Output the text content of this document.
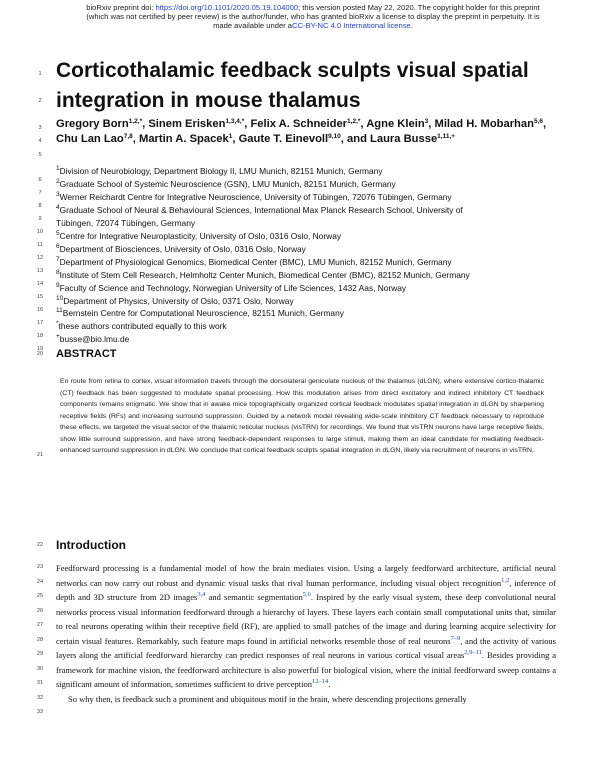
bioRxiv preprint doi: https://doi.org/10.1101/2020.05.19.104000; this version posted May 22, 2020. The copyright holder for this preprint (which was not certified by peer review) is the author/funder, who has granted bioRxiv a license to display the preprint in perpetuity. It is made available under aCC-BY-NC 4.0 International license.
1
2
3
4
5
6
7
8
9
10
11
12
13
14
15
16
17
18
19
20
21
22
23
24
25
26
27
28
29
30
31
32
33
Corticothalamic feedback sculpts visual spatial integration in mouse thalamus
Gregory Born$^{1,2,*}$, Sinem Erisken$^{1,3,4,*}$, Felix A. Schneider$^{1,2,*}$, Agne Klein$^3$, Milad H. Mobarhan$^{5,6}$, Chu Lan Lao$^{7,8}$, Martin A. Spacek$^1$, Gaute T. Einevoll$^{9,10}$, and Laura Busse$^{1,11,+}$
$^1$Division of Neurobiology, Department Biology II, LMU Munich, 82151 Munich, Germany
$^2$Graduate School of Systemic Neuroscience (GSN), LMU Munich, 82151 Munich, Germany
$^3$Werner Reichardt Centre for Integrative Neuroscience, University of Tübingen, 72076 Tübingen, Germany
$^4$Graduate School of Neural & Behavioural Sciences, International Max Planck Research School, University of
Tübingen, 72074 Tübingen, Germany
$^5$Centre for Integrative Neuroplasticity, University of Oslo, 0316 Oslo, Norway
$^6$Department of Biosciences, University of Oslo, 0316 Oslo, Norway
$^7$Department of Physiological Genomics, Biomedical Center (BMC), LMU Munich, 82152 Munich, Germany
$^8$Institute of Stem Cell Research, Helmholtz Center Munich, Biomedical Center (BMC), 82152 Munich, Germany
$^9$Faculty of Science and Technology, Norwegian University of Life Sciences, 1432 Aas, Norway
$^{10}$Department of Physics, University of Oslo, 0371 Oslo, Norway
$^{11}$Bernstein Centre for Computational Neuroscience, 82151 Munich, Germany
*these authors contributed equally to this work
+busse@bio.lmu.de
ABSTRACT
En route from retina to cortex, visual information travels through the dorsolateral geniculate nucleus of the thalamus (dLGN), where extensive cortico-thalamic (CT) feedback has been suggested to modulate spatial processing. How this modulation arises from direct excitatory and indirect inhibitory CT feedback components remains enigmatic. We show that in awake mice topographically organized cortical feedback modulates spatial integration in dLGN by sharpening receptive fields (RFs) and increasing surround suppression. Guided by a network model revealing wide-scale inhibitory CT feedback necessary to reproduce these effects, we targeted the visual sector of the thalamic reticular nucleus (visTRN) for recordings. We found that visTRN neurons have large receptive fields, show little surround suppression, and have strong feedback-dependent responses to large stimuli, making them an ideal candidate for mediating feedback-enhanced surround suppression in dLGN. We conclude that cortical feedback sculpts spatial integration in dLGN, likely via recruitment of neurons in visTRN.
Introduction
Feedforward processing is a fundamental model of how the brain mediates vision. Using a largely feedforward architecture, artificial neural networks can now carry out robust and dynamic visual tasks that rival human performance, including visual object recognition$^{1,2}$, inference of depth and 3D structure from 2D images$^{3,4}$ and semantic segmentation$^{5,6}$. Inspired by the early visual system, these deep convolutional neural networks process visual information feedforward through a hierarchy of layers. These layers each contain small computational units that, similar to real neurons operating within their receptive field (RF), are applied to small patches of the image and during learning acquire selectivity for certain visual features. Remarkably, such feature maps found in artificial networks resemble those of real neurons$^{7-9}$, and the activity of various layers along the artificial feedforward hierarchy can predict responses of real neurons in various cortical visual areas$^{2,9-11}$. Besides providing a framework for machine vision, the feedforward architecture is also powerful for biological vision, where the initial feedforward sweep contains a significant amount of information, sometimes sufficient to drive perception$^{12-14}$.
So why then, is feedback such a prominent and ubiquitous motif in the brain, where descending projections generally
